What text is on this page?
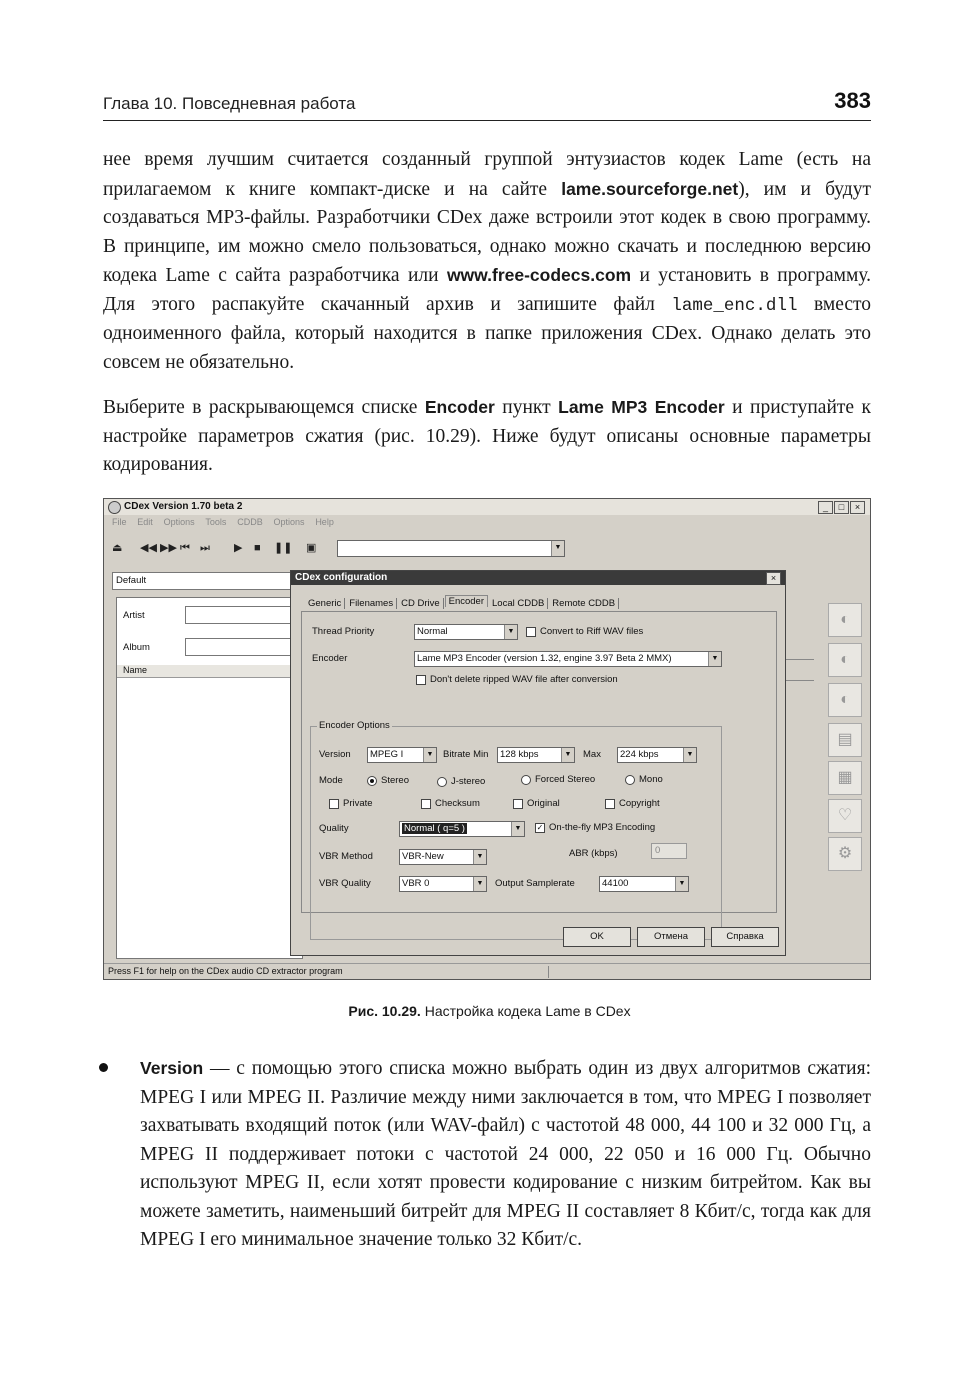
Глава 10. Повседневная работа	383

нее время лучшим считается созданный группой энтузиастов кодек Lame (есть на прилагаемом к книге компакт-диске и на сайте lame.sourceforge.net), им и будут создаваться MP3-файлы. Разработчики CDex даже встроили этот кодек в свою программу. В принципе, им можно смело пользоваться, однако можно скачать и последнюю версию кодека Lame с сайта разработчика или www.free-codecs.com и установить в программу. Для этого распакуйте скачанный архив и запишите файл lame_enc.dll вместо одноименного файла, который находится в папке приложения CDex. Однако делать это совсем не обязательно.

Выберите в раскрывающемся списке Encoder пункт Lame MP3 Encoder и приступайте к настройке параметров сжатия (рис. 10.29). Ниже будут описаны основные параметры кодирования.

CDex Version 1.70 beta 2	_	□	×
File Edit Options Tools CDDB Options Help
⏏ ◀◀ ▶▶ ⏮ ⏭ ▶ ■ ❚❚ ▣	▼
Default
Artist
Album
Name
◐
◐
◐
▤
▦
♡
⚙
CDex configuration	×
Generic Filenames CD Drive Encoder Local CDDB Remote CDDB
Thread Priority	Normal	▼	Convert to Riff WAV files
Encoder	Lame MP3 Encoder (version 1.32, engine 3.97 Beta 2 MMX)	▼
Don't delete ripped WAV file after conversion
Encoder Options
Version MPEG I	▼ Bitrate Min 128 kbps	▼ Max 224 kbps	▼
Mode	Stereo	J-stereo	Forced Stereo	Mono
Private	Checksum	Original	Copyright
Quality	Normal ( q=5 )	▼	✓ On-the-fly MP3 Encoding
VBR Method	VBR-New	▼	ABR (kbps)	0
VBR Quality	VBR 0	▼ Output Samplerate	44100	▼
OK	Отмена	Справка
Press F1 for help on the CDex audio CD extractor program
Рис. 10.29. Настройка кодека Lame в CDex

Version — с помощью этого списка можно выбрать один из двух алгоритмов сжатия: MPEG I или MPEG II. Различие между ними заключается в том, что MPEG I позволяет захватывать входящий поток (или WAV-файл) с частотой 48 000, 44 100 и 32 000 Гц, а MPEG II поддерживает потоки с частотой 24 000, 22 050 и 16 000 Гц. Обычно используют MPEG II, если хотят провести кодирование с низким битрейтом. Как вы можете заметить, наименьший битрейт для MPEG II составляет 8 Кбит/с, тогда как для MPEG I его минимальное значение только 32 Кбит/с.
